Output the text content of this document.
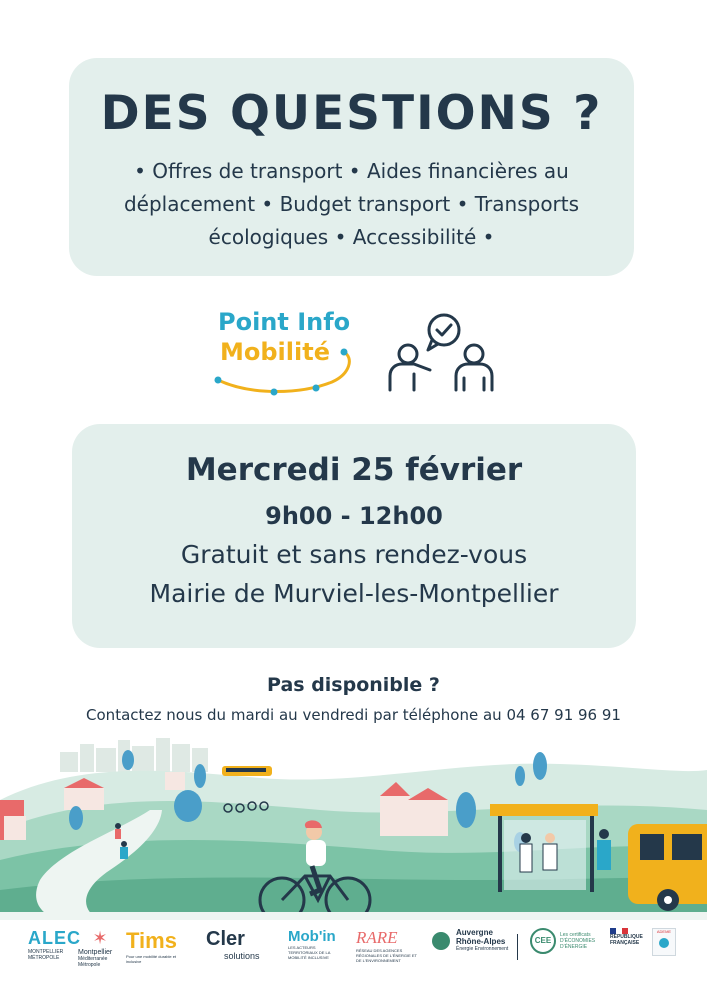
DES QUESTIONS ?
• Offres de transport • Aides financières au
déplacement • Budget transport • Transports
écologiques • Accessibilité •
Point Info
Mobilité
Mercredi 25 février
9h00 - 12h00
Gratuit et sans rendez-vous
Mairie de Murviel-les-Montpellier
Pas disponible ?
Contactez nous du mardi au vendredi par téléphone au 04 67 91 96 91
ALEC
MONTPELLIER MÉTROPOLE
✶
Montpellier
Méditerranée Métropole
Tims
Pour une mobilité durable et inclusive
Cler
solutions
Mob'in
LES ACTEURS TERRITORIAUX DE LA MOBILITÉ INCLUSIVE
RARE
RÉSEAU DES AGENCES RÉGIONALES DE L'ÉNERGIE ET DE L'ENVIRONNEMENT
Auvergne
Rhône-Alpes
Énergie Environnement
CEE
Les certificats D'ÉCONOMIES D'ÉNERGIE
RÉPUBLIQUE
FRANÇAISE
ADEME
